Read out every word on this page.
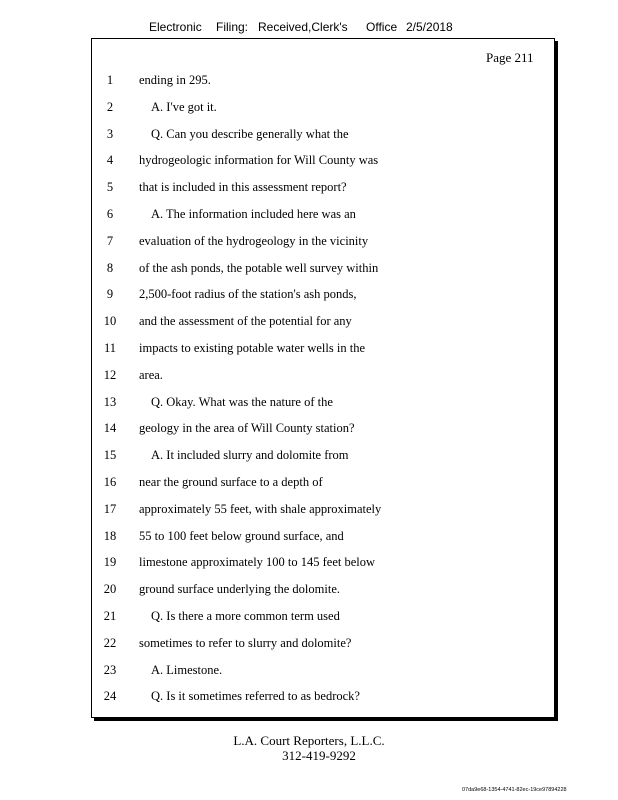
Electronic Filing: Received,Clerk's Office 2/5/2018
Page 211
1	ending in 295.
2	A. I've got it.
3	Q. Can you describe generally what the
4	hydrogeologic information for Will County was
5	that is included in this assessment report?
6	A. The information included here was an
7	evaluation of the hydrogeology in the vicinity
8	of the ash ponds, the potable well survey within
9	2,500-foot radius of the station's ash ponds,
10	and the assessment of the potential for any
11	impacts to existing potable water wells in the
12	area.
13	Q. Okay. What was the nature of the
14	geology in the area of Will County station?
15	A. It included slurry and dolomite from
16	near the ground surface to a depth of
17	approximately 55 feet, with shale approximately
18	55 to 100 feet below ground surface, and
19	limestone approximately 100 to 145 feet below
20	ground surface underlying the dolomite.
21	Q. Is there a more common term used
22	sometimes to refer to slurry and dolomite?
23	A. Limestone.
24	Q. Is it sometimes referred to as bedrock?
L.A. Court Reporters, L.L.C.
312-419-9292
07da9e68-1354-4741-82ec-19ce97894228
